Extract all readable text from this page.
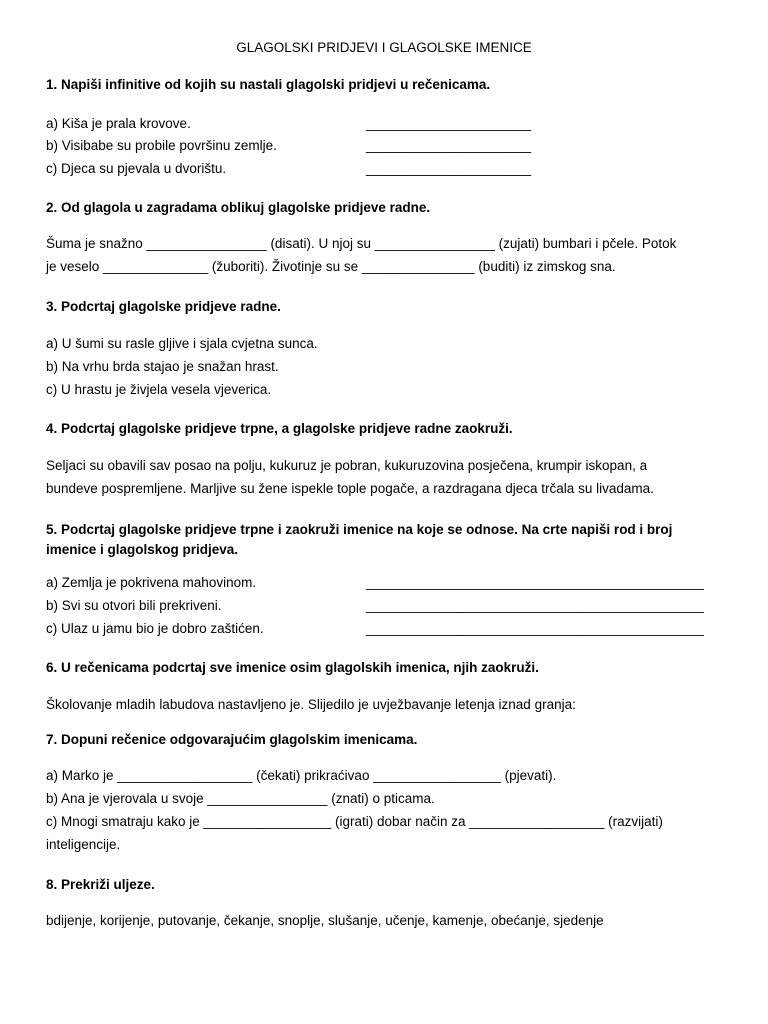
GLAGOLSKI PRIDJEVI I GLAGOLSKE IMENICE
1. Napiši infinitive od kojih su nastali glagolski pridjevi u rečenicama.
a) Kiša je prala krovove.	______________________
b) Visibabe su probile površinu zemlje.	______________________
c) Djeca su pjevala u dvorištu.	______________________
2. Od glagola u zagradama oblikuj glagolske pridjeve radne.
Šuma je snažno ________________ (disati). U njoj su ________________ (zujati) bumbari i pčele. Potok
je veselo ______________ (žuboriti). Životinje su se _______________ (buditi) iz zimskog sna.
3. Podcrtaj glagolske pridjeve radne.
a) U šumi su rasle gljive i sjala cvjetna sunca.
b) Na vrhu brda stajao je snažan hrast.
c) U hrastu je živjela vesela vjeverica.
4. Podcrtaj glagolske pridjeve trpne, a glagolske pridjeve radne zaokruži.
Seljaci su obavili sav posao na polju, kukuruz je pobran, kukuruzovina posječena, krumpir iskopan, a
bundeve pospremljene. Marljive su žene ispekle tople pogače, a razdragana djeca trčala su livadama.
5. Podcrtaj glagolske pridjeve trpne i zaokruži imenice na koje se odnose. Na crte napiši rod i broj imenice i glagolskog pridjeva.
a) Zemlja je pokrivena mahovinom.	_____________________________________________
b) Svi su otvori bili prekriveni.	_____________________________________________
c) Ulaz u jamu bio je dobro zaštićen.	_____________________________________________
6. U rečenicama podcrtaj sve imenice osim glagolskih imenica, njih zaokruži.
Školovanje mladih labudova nastavljeno je. Slijedilo je uvježbavanje letenja iznad granja:
7. Dopuni rečenice odgovarajućim glagolskim imenicama.
a) Marko je __________________ (čekati) prikraćivao _________________ (pjevati).
b) Ana je vjerovala u svoje ________________ (znati) o pticama.
c) Mnogi smatraju kako je _________________ (igrati) dobar način za __________________ (razvijati)
inteligencije.
8. Prekriži uljeze.
bdijenje, korijenje, putovanje, čekanje, snoplje, slušanje, učenje, kamenje, obećanje, sjedenje
